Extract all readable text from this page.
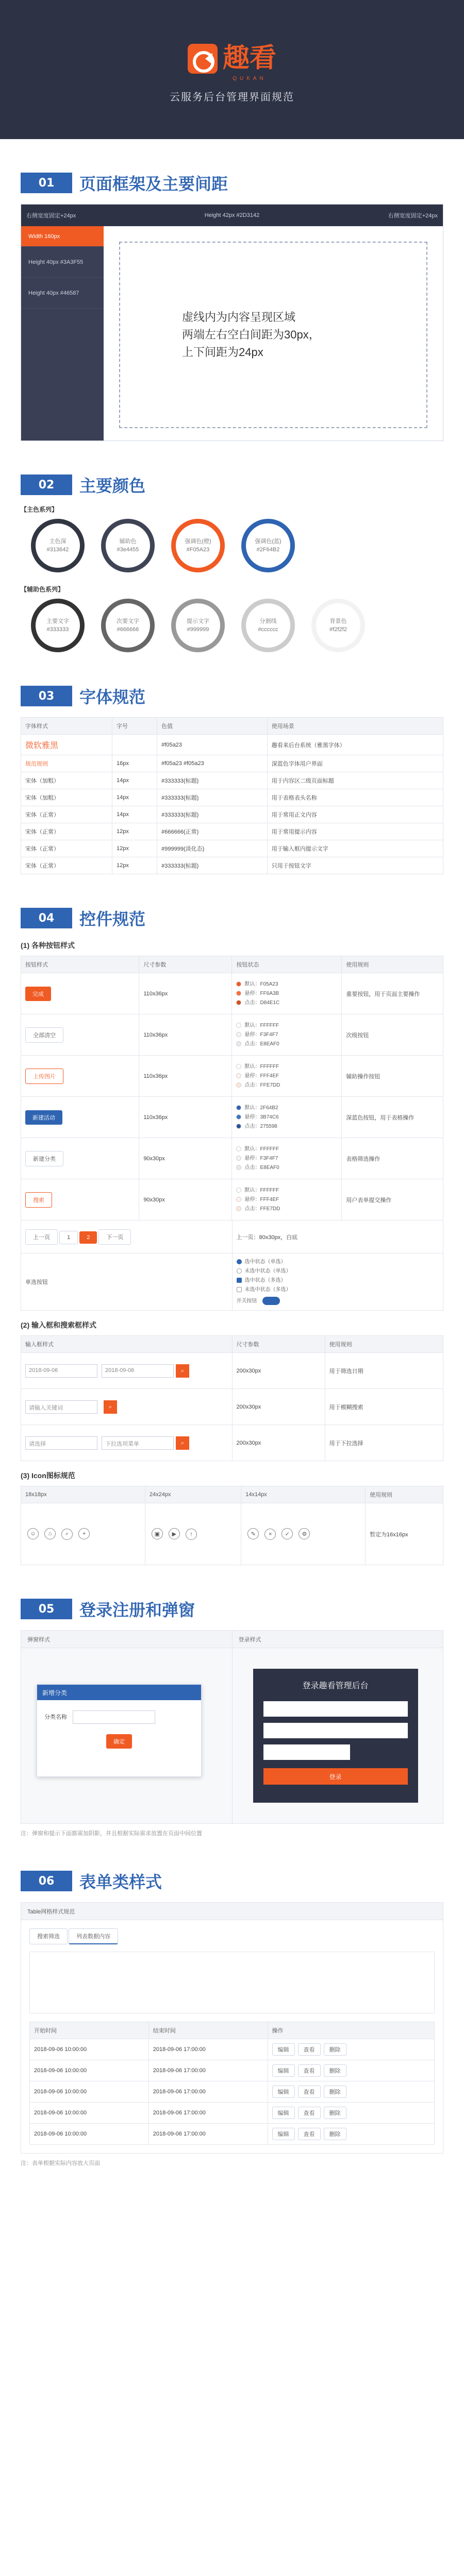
趣看
QUKAN
云服务后台管理界面规范
01	页面框架及主要间距
右侧宽度固定+24px	Height 42px #2D3142	右侧宽度固定+24px
Width 160px
Height 40px #3A3F55
Height 40px #46587
虚线内为内容呈现区域
两端左右空白间距为30px，
上下间距为24px
02	主要颜色
【主色系列】
主色深
#313642
辅助色
#3e4455
强调色(橙)
#F05A23
强调色(蓝)
#2F64B2
【辅助色系列】
主要文字
#333333
次要文字
#666666
提示文字
#999999
分割线
#cccccc
背景色
#f2f2f2
03	字体规范
字体样式	字号	色值	使用场景
微软雅黑		#f05a23	趣看来后台系统（雅黑字体）
规范规则	16px	#f05a23 #f05a23	深蓝色字体用户界面
宋体（加粗）	14px	#333333(标题)	用于内容区二级页面标题
宋体（加粗）	14px	#333333(标题)	用于表格表头名称
宋体（正常）	14px	#333333(标题)	用于常用正文内容
宋体（正常）	12px	#666666(正常)	用于常用提示内容
宋体（正常）	12px	#999999(淡化态)	用于输入框内提示文字
宋体（正常）	12px	#333333(标题)	只用于按钮文字
04	控件规范
(1) 各种按钮样式
按钮样式	尺寸参数	按钮状态	使用规则
完成	110x36px	默认：F05A23
悬停：FF6A3B
点击：D84E1C	重要按钮，用于页面主要操作
全部清空	110x36px	默认：FFFFFF
悬停：F3F4F7
点击：E8EAF0	次级按钮
上传图片	110x36px	默认：FFFFFF
悬停：FFF4EF
点击：FFE7DD	辅助操作按钮
新建活动	110x36px	默认：2F64B2
悬停：3B74C6
点击：275598	深蓝色按钮，用于表格操作
新建分类	90x30px	默认：FFFFFF
悬停：F3F4F7
点击：E8EAF0	表格筛选操作
搜索	90x30px	默认：FFFFFF
悬停：FFF4EF
点击：FFE7DD	用户表单提交操作
上一页 1 2 下一页	上一页：80x30px，白底
单选按钮	选中状态（单选）
未选中状态（单选）
选中状态（多选）
未选中状态（多选）
开关按钮
(2) 输入框和搜索框样式
输入框样式	尺寸参数	使用规则
2018-09-06 2018-09-06 ⌕	200x30px	用于筛选日期
请输入关键词 ⌕	200x30px	用于模糊搜索
请选择 下拉选项菜单 ⌕	200x30px	用于下拉选择
(3) Icon图标规范
18x18px	24x24px	14x14px	使用规则
☺ ⌂ ⌕ +	▣ ▶ ↑	✎ × ✓ ⚙	暂定为16x16px
05	登录注册和弹窗
弹窗样式
新增分类
分类名称
确定
登录样式
登录趣看管理后台
登录
注：弹窗和提示下面都需加阴影，并且根据实际需求放置在页面中间位置
06	表单类样式
Table网格样式规范
搜索筛选	列表数据内容
开始时间	结束时间	操作
2018-09-06 10:00:00	2018-09-06 17:00:00	编辑 查看 删除
2018-09-06 10:00:00	2018-09-06 17:00:00	编辑 查看 删除
2018-09-06 10:00:00	2018-09-06 17:00:00	编辑 查看 删除
2018-09-06 10:00:00	2018-09-06 17:00:00	编辑 查看 删除
2018-09-06 10:00:00	2018-09-06 17:00:00	编辑 查看 删除
注：表单根据实际内容放大页面
